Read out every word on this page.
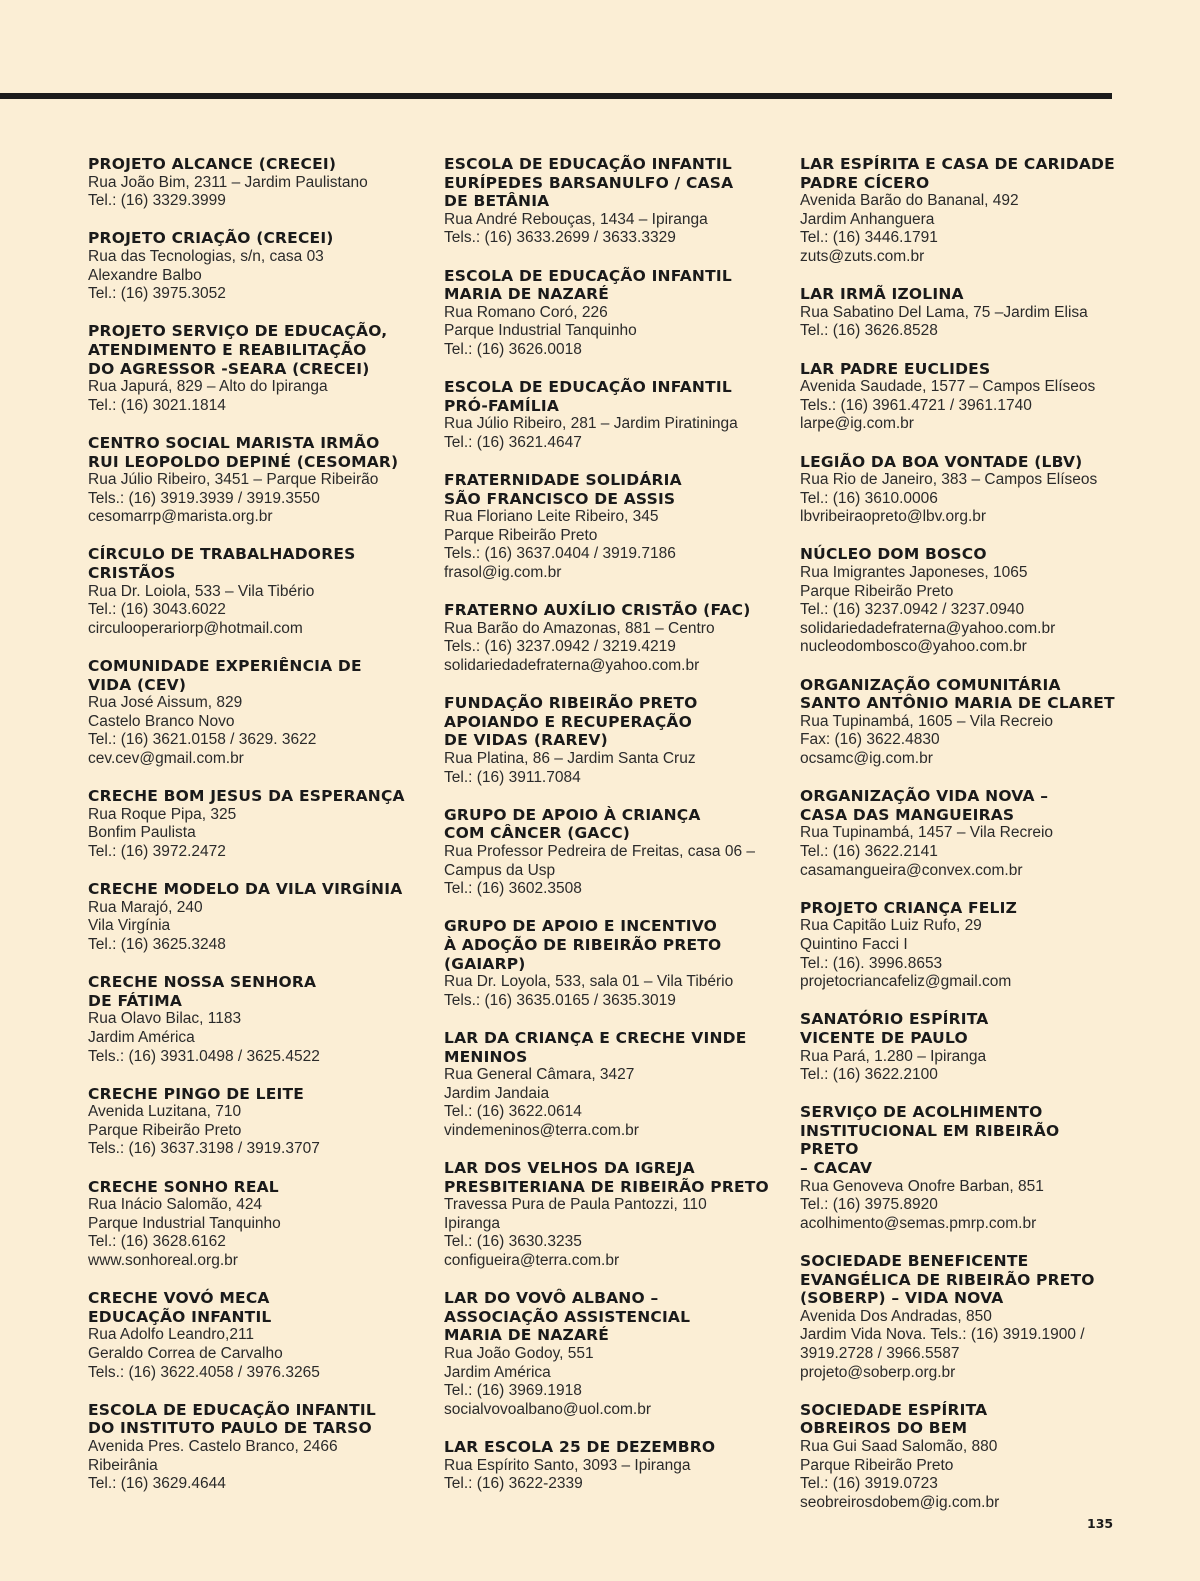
PROJETO ALCANCE (CRECEI)
Rua João Bim, 2311 – Jardim Paulistano
Tel.: (16) 3329.3999
PROJETO CRIAÇÃO (CRECEI)
Rua das Tecnologias, s/n, casa 03
Alexandre Balbo
Tel.: (16) 3975.3052
PROJETO SERVIÇO DE EDUCAÇÃO,
ATENDIMENTO E REABILITAÇÃO
DO AGRESSOR -SEARA (CRECEI)
Rua Japurá, 829 – Alto do Ipiranga
Tel.: (16) 3021.1814
CENTRO SOCIAL MARISTA IRMÃO
RUI LEOPOLDO DEPINÉ (CESOMAR)
Rua Júlio Ribeiro, 3451 – Parque Ribeirão
Tels.: (16) 3919.3939 / 3919.3550
cesomarrp@marista.org.br
CÍRCULO DE TRABALHADORES
CRISTÃOS
Rua Dr. Loiola, 533 – Vila Tibério
Tel.: (16) 3043.6022
circulooperariorp@hotmail.com
COMUNIDADE EXPERIÊNCIA DE
VIDA (CEV)
Rua José Aissum, 829
Castelo Branco Novo
Tel.: (16) 3621.0158 / 3629. 3622
cev.cev@gmail.com.br
CRECHE BOM JESUS DA ESPERANÇA
Rua Roque Pipa, 325
Bonfim Paulista
Tel.: (16) 3972.2472
CRECHE MODELO DA VILA VIRGÍNIA
Rua Marajó, 240
Vila Virgínia
Tel.: (16) 3625.3248
CRECHE NOSSA SENHORA
DE FÁTIMA
Rua Olavo Bilac, 1183
Jardim América
Tels.: (16) 3931.0498 / 3625.4522
CRECHE PINGO DE LEITE
Avenida Luzitana, 710
Parque Ribeirão Preto
Tels.: (16) 3637.3198 / 3919.3707
CRECHE SONHO REAL
Rua Inácio Salomão, 424
Parque Industrial Tanquinho
Tel.: (16) 3628.6162
www.sonhoreal.org.br
CRECHE VOVÓ MECA
EDUCAÇÃO INFANTIL
Rua Adolfo Leandro,211
Geraldo Correa de Carvalho
Tels.: (16) 3622.4058 / 3976.3265
ESCOLA DE EDUCAÇÃO INFANTIL
DO INSTITUTO PAULO DE TARSO
Avenida Pres. Castelo Branco, 2466
Ribeirânia
Tel.: (16) 3629.4644
ESCOLA DE EDUCAÇÃO INFANTIL
EURÍPEDES BARSANULFO / CASA
DE BETÂNIA
Rua André Rebouças, 1434 – Ipiranga
Tels.: (16) 3633.2699 / 3633.3329
ESCOLA DE EDUCAÇÃO INFANTIL
MARIA DE NAZARÉ
Rua Romano Coró, 226
Parque Industrial Tanquinho
Tel.: (16) 3626.0018
ESCOLA DE EDUCAÇÃO INFANTIL
PRÓ-FAMÍLIA
Rua Júlio Ribeiro, 281 – Jardim Piratininga
Tel.: (16) 3621.4647
FRATERNIDADE SOLIDÁRIA
SÃO FRANCISCO DE ASSIS
Rua Floriano Leite Ribeiro, 345
Parque Ribeirão Preto
Tels.: (16) 3637.0404 / 3919.7186
frasol@ig.com.br
FRATERNO AUXÍLIO CRISTÃO (FAC)
Rua Barão do Amazonas, 881 – Centro
Tels.: (16) 3237.0942 / 3219.4219
solidariedadefraterna@yahoo.com.br
FUNDAÇÃO RIBEIRÃO PRETO
APOIANDO E RECUPERAÇÃO
DE VIDAS (RAREV)
Rua Platina, 86 – Jardim Santa Cruz
Tel.: (16) 3911.7084
GRUPO DE APOIO À CRIANÇA
COM CÂNCER (GACC)
Rua Professor Pedreira de Freitas, casa 06 –
Campus da Usp
Tel.: (16) 3602.3508
GRUPO DE APOIO E INCENTIVO
À ADOÇÃO DE RIBEIRÃO PRETO
(GAIARP)
Rua Dr. Loyola, 533, sala 01 – Vila Tibério
Tels.: (16) 3635.0165 / 3635.3019
LAR DA CRIANÇA E CRECHE VINDE
MENINOS
Rua General Câmara, 3427
Jardim Jandaia
Tel.: (16) 3622.0614
vindemeninos@terra.com.br
LAR DOS VELHOS DA IGREJA
PRESBITERIANA DE RIBEIRÃO PRETO
Travessa Pura de Paula Pantozzi, 110
Ipiranga
Tel.: (16) 3630.3235
configueira@terra.com.br
LAR DO VOVÔ ALBANO –
ASSOCIAÇÃO ASSISTENCIAL
MARIA DE NAZARÉ
Rua João Godoy, 551
Jardim América
Tel.: (16) 3969.1918
socialvovoalbano@uol.com.br
LAR ESCOLA 25 DE DEZEMBRO
Rua Espírito Santo, 3093 – Ipiranga
Tel.: (16) 3622-2339
LAR ESPÍRITA E CASA DE CARIDADE
PADRE CÍCERO
Avenida Barão do Bananal, 492
Jardim Anhanguera
Tel.: (16) 3446.1791
zuts@zuts.com.br
LAR IRMÃ IZOLINA
Rua Sabatino Del Lama, 75 –Jardim Elisa
Tel.: (16) 3626.8528
LAR PADRE EUCLIDES
Avenida Saudade, 1577 – Campos Elíseos
Tels.: (16) 3961.4721 / 3961.1740
larpe@ig.com.br
LEGIÃO DA BOA VONTADE (LBV)
Rua Rio de Janeiro, 383 – Campos Elíseos
Tel.: (16) 3610.0006
lbvribeiraopreto@lbv.org.br
NÚCLEO DOM BOSCO
Rua Imigrantes Japoneses, 1065
Parque Ribeirão Preto
Tel.: (16) 3237.0942 / 3237.0940
solidariedadefraterna@yahoo.com.br
nucleodombosco@yahoo.com.br
ORGANIZAÇÃO COMUNITÁRIA
SANTO ANTÔNIO MARIA DE CLARET
Rua Tupinambá, 1605 – Vila Recreio
Fax: (16) 3622.4830
ocsamc@ig.com.br
ORGANIZAÇÃO VIDA NOVA –
CASA DAS MANGUEIRAS
Rua Tupinambá, 1457 – Vila Recreio
Tel.: (16) 3622.2141
casamangueira@convex.com.br
PROJETO CRIANÇA FELIZ
Rua Capitão Luiz Rufo, 29
Quintino Facci I
Tel.: (16). 3996.8653
projetocriancafeliz@gmail.com
SANATÓRIO ESPÍRITA
VICENTE DE PAULO
Rua Pará, 1.280 – Ipiranga
Tel.: (16) 3622.2100
SERVIÇO DE ACOLHIMENTO
INSTITUCIONAL EM RIBEIRÃO PRETO
– CACAV
Rua Genoveva Onofre Barban, 851
Tel.: (16) 3975.8920
acolhimento@semas.pmrp.com.br
SOCIEDADE BENEFICENTE
EVANGÉLICA DE RIBEIRÃO PRETO
(SOBERP) – VIDA NOVA
Avenida Dos Andradas, 850
Jardim Vida Nova. Tels.: (16) 3919.1900 /
3919.2728 / 3966.5587
projeto@soberp.org.br
SOCIEDADE ESPÍRITA
OBREIROS DO BEM
Rua Gui Saad Salomão, 880
Parque Ribeirão Preto
Tel.: (16) 3919.0723
seobreirosdobem@ig.com.br
135
